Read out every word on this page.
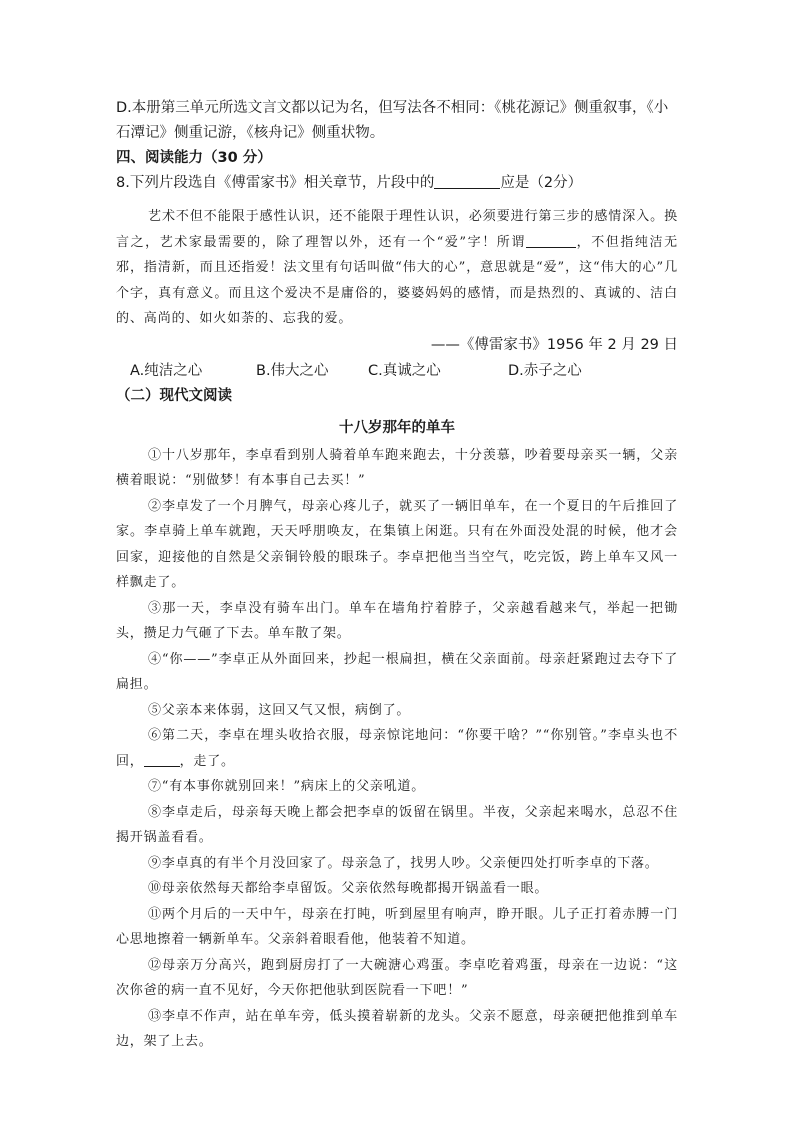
D.本册第三单元所选文言文都以记为名，但写法各不相同：《桃花源记》侧重叙事，《小
石潭记》侧重记游，《核舟记》侧重状物。
四、阅读能力（30 分）
8.下列片段选自《傅雷家书》相关章节，片段中的	应是（2分）
艺术不但不能限于感性认识，还不能限于理性认识，必须要进行第三步的感情深入。换言之，艺术家最需要的，除了理智以外，还有一个“爱”字！所谓	，不但指纯洁无邪，指清新，而且还指爱！法文里有句话叫做“伟大的心”，意思就是“爱”，这“伟大的心”几个字，真有意义。而且这个爱决不是庸俗的，婆婆妈妈的感情，而是热烈的、真诚的、洁白的、高尚的、如火如荼的、忘我的爱。
——《傅雷家书》1956 年 2 月 29 日
A.纯洁之心	B.伟大之心	C.真诚之心	D.赤子之心
（二）现代文阅读
十八岁那年的单车
①十八岁那年，李卓看到别人骑着单车跑来跑去，十分羡慕，吵着要母亲买一辆，父亲横着眼说：“别做梦！有本事自己去买！”
②李卓发了一个月脾气，母亲心疼儿子，就买了一辆旧单车，在一个夏日的午后推回了家。李卓骑上单车就跑，天天呼朋唤友，在集镇上闲逛。只有在外面没处混的时候，他才会回家，迎接他的自然是父亲铜铃般的眼珠子。李卓把他当当空气，吃完饭，跨上单车又风一样飘走了。
③那一天，李卓没有骑车出门。单车在墙角拧着脖子，父亲越看越来气，举起一把锄头，攒足力气砸了下去。单车散了架。
④“你——”李卓正从外面回来，抄起一根扁担，横在父亲面前。母亲赶紧跑过去夺下了扁担。
⑤父亲本来体弱，这回又气又恨，病倒了。
⑥第二天，李卓在埋头收拾衣服，母亲惊诧地问：“你要干啥？”“你别管。”李卓头也不回，	，走了。
⑦“有本事你就别回来！”病床上的父亲吼道。
⑧李卓走后，母亲每天晚上都会把李卓的饭留在锅里。半夜，父亲起来喝水，总忍不住揭开锅盖看看。
⑨李卓真的有半个月没回家了。母亲急了，找男人吵。父亲便四处打听李卓的下落。
⑩母亲依然每天都给李卓留饭。父亲依然每晚都揭开锅盖看一眼。
⑪两个月后的一天中午，母亲在打盹，听到屋里有响声，睁开眼。儿子正打着赤膊一门心思地擦着一辆新单车。父亲斜着眼看他，他装着不知道。
⑫母亲万分高兴，跑到厨房打了一大碗溏心鸡蛋。李卓吃着鸡蛋，母亲在一边说：“这次你爸的病一直不见好，今天你把他驮到医院看一下吧！”
⑬李卓不作声，站在单车旁，低头摸着崭新的龙头。父亲不愿意，母亲硬把他推到单车边，架了上去。
